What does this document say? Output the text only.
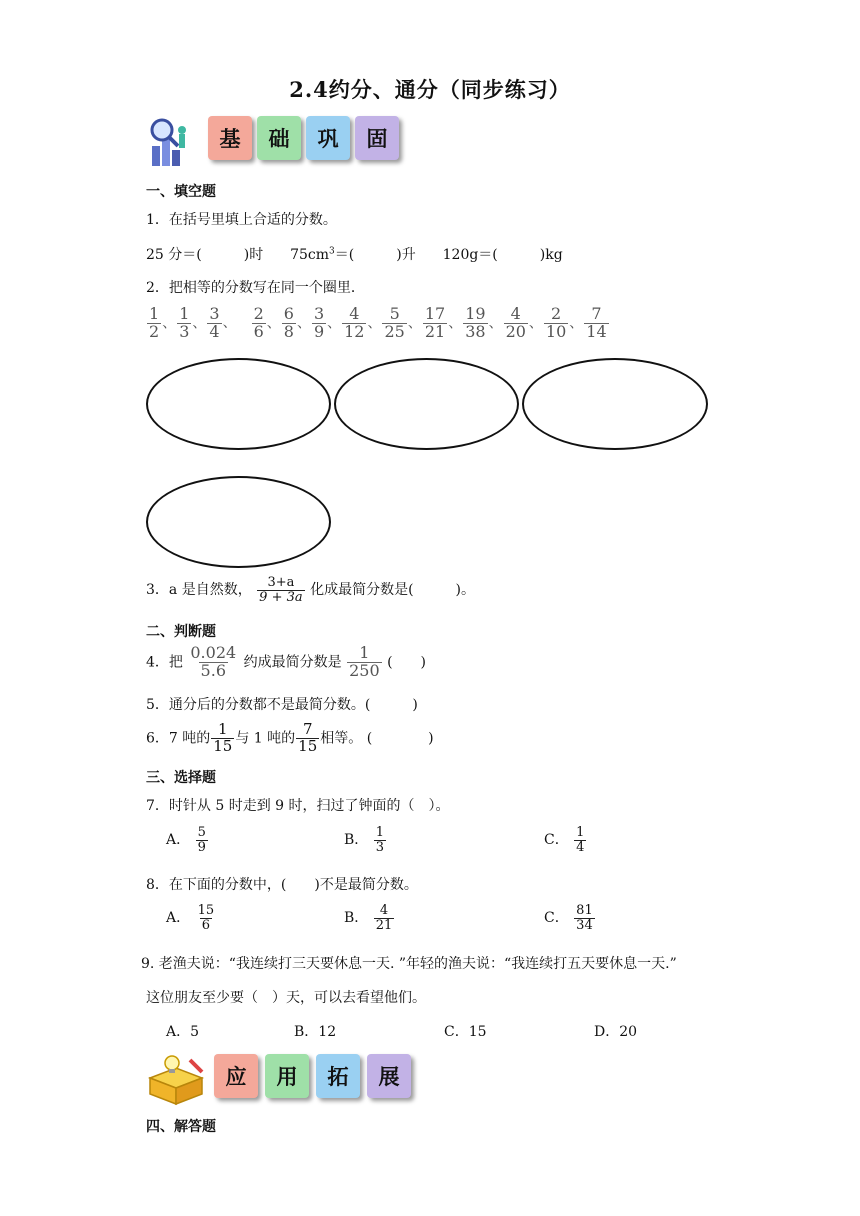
2.4约分、通分（同步练习）
基	础	巩	固
一、填空题
1．在括号里填上合适的分数。
25 分＝(　　　)时 $75cm^3=$(　　　)升 120g＝(　　　)kg
2．把相等的分数写在同一个圈里．
$\frac{1}{2}$ 、 $\frac{1}{3}$ 、 $\frac{3}{4}$ 、 $\frac{2}{6}$ 、 $\frac{6}{8}$ 、 $\frac{3}{9}$ 、 $\frac{4}{12}$ 、 $\frac{5}{25}$ 、 $\frac{17}{21}$ 、 $\frac{19}{38}$ 、 $\frac{4}{20}$ 、 $\frac{2}{10}$ 、 $\frac{7}{14}$
3．a 是自然数， $\frac{3+a}{9 + 3a}$ 化成最简分数是(　　　)。
二、判断题
4．把 $\frac{0.024}{5.6}$ 约成最简分数是 $\frac{1}{250}$ (　　)
5．通分后的分数都不是最简分数。(　　　)
6．7 吨的 $\frac{1}{15}$ 与 1 吨的 $\frac{7}{15}$ 相等。 (　　　　)
三、选择题
7．时针从 5 时走到 9 时，扫过了钟面的（　）。
A． $\frac{5}{9}$	B． $\frac{1}{3}$	C． $\frac{1}{4}$
8．在下面的分数中，(　　)不是最简分数。
A． $\frac{15}{6}$	B． $\frac{4}{21}$	C． $\frac{81}{34}$
9. 老渔夫说：“我连续打三天要休息一天. ”年轻的渔夫说：“我连续打五天要休息一天.”
这位朋友至少要（　）天，可以去看望他们。
A．5	B．12	C．15	D．20
应	用	拓	展
四、解答题
